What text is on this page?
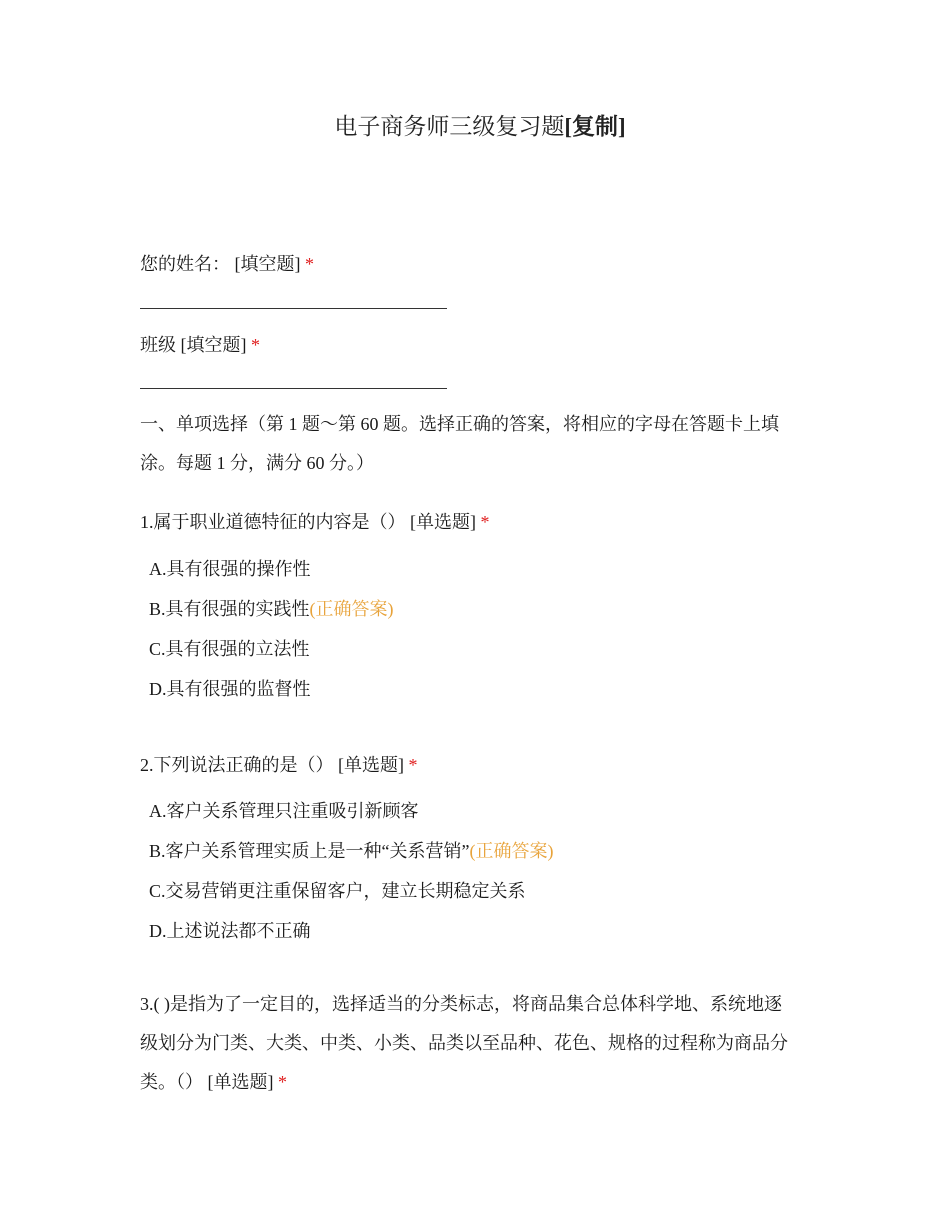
电子商务师三级复习题[复制]
您的姓名： [填空题] *
班级 [填空题] *
一、单项选择（第 1 题～第 60 题。选择正确的答案，将相应的字母在答题卡上填
涂。每题 1 分，满分 60 分。）
1.属于职业道德特征的内容是（） [单选题] *
A.具有很强的操作性
B.具有很强的实践性(正确答案)
C.具有很强的立法性
D.具有很强的监督性
2.下列说法正确的是（） [单选题] *
A.客户关系管理只注重吸引新顾客
B.客户关系管理实质上是一种“关系营销”(正确答案)
C.交易营销更注重保留客户，建立长期稳定关系
D.上述说法都不正确
3.( )是指为了一定目的，选择适当的分类标志，将商品集合总体科学地、系统地逐
级划分为门类、大类、中类、小类、品类以至品种、花色、规格的过程称为商品分
类。（） [单选题] *
